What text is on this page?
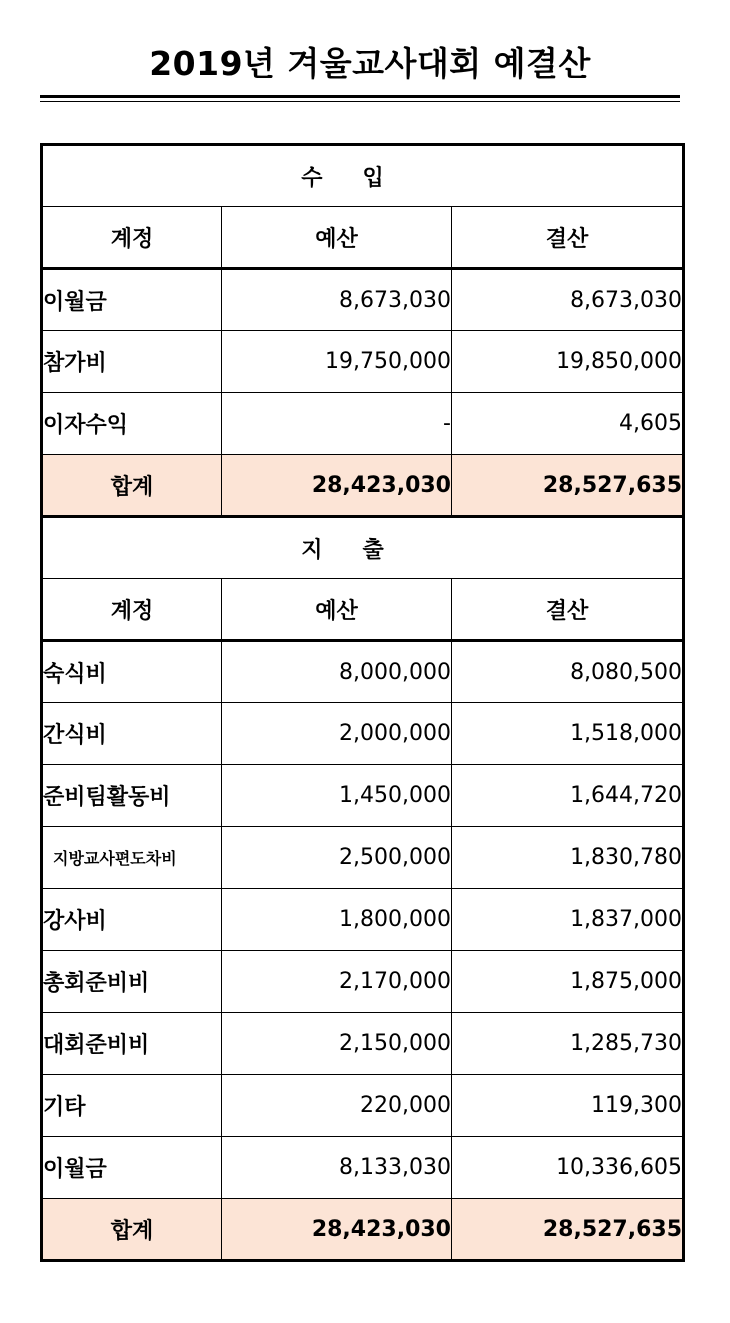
2019년 겨울교사대회 예결산
수입		
계정	예산	결산
이월금	8,673,030	8,673,030
참가비	19,750,000	19,850,000
이자수익	-	4,605
합계	28,423,030	28,527,635
지출		
계정	예산	결산
숙식비	8,000,000	8,080,500
간식비	2,000,000	1,518,000
준비팀활동비	1,450,000	1,644,720
지방교사편도차비	2,500,000	1,830,780
강사비	1,800,000	1,837,000
총회준비비	2,170,000	1,875,000
대회준비비	2,150,000	1,285,730
기타	220,000	119,300
이월금	8,133,030	10,336,605
합계	28,423,030	28,527,635
